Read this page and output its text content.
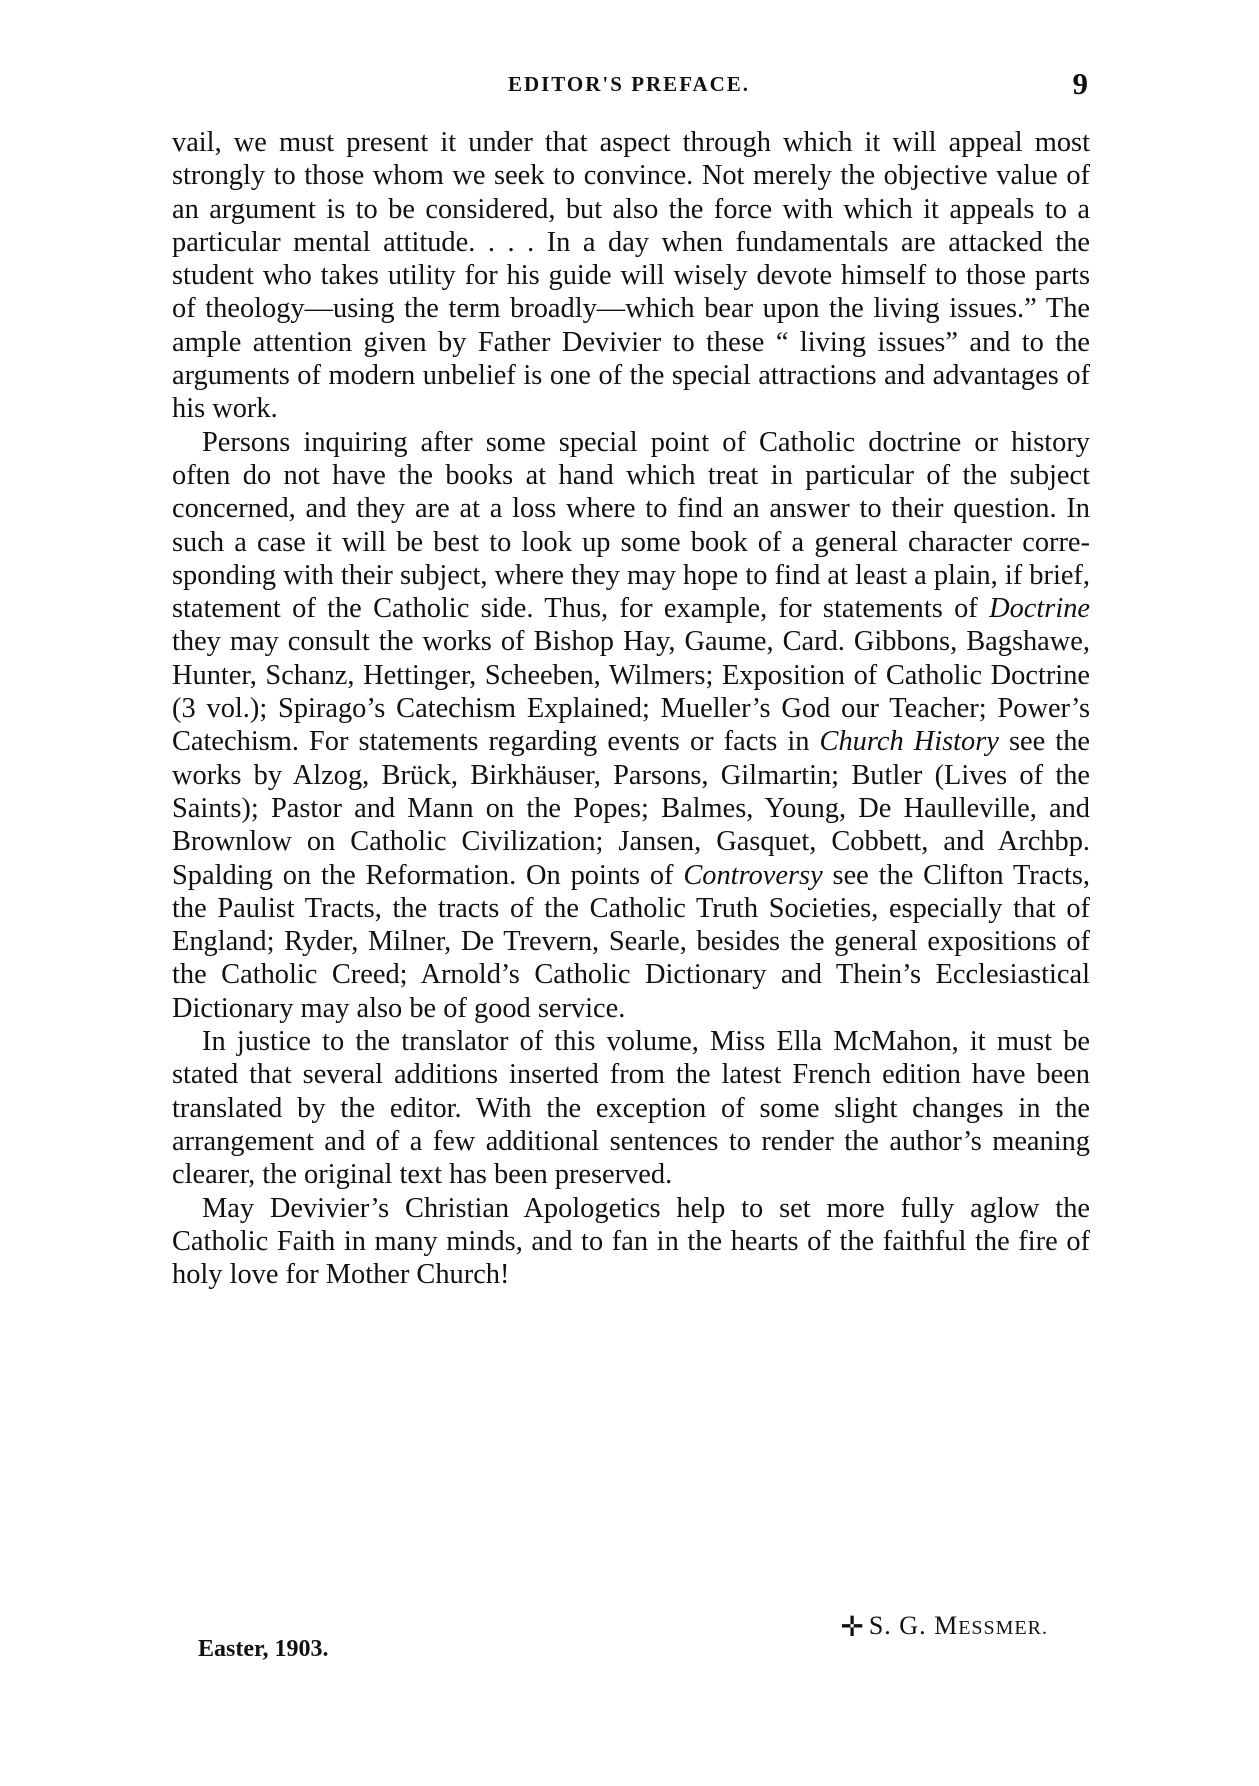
EDITOR'S PREFACE.	9

vail, we must present it under that aspect through which it will appeal most strongly to those whom we seek to convince. Not merely the objective value of an argument is to be considered, but also the force with which it appeals to a particular mental attitude. . . . In a day when fundamentals are attacked the student who takes utility for his guide will wisely devote himself to those parts of theology—using the term broadly—which bear upon the living issues.” The ample attention given by Father Devivier to these “ living issues” and to the arguments of modern unbelief is one of the special attractions and advantages of his work.

Persons inquiring after some special point of Catholic doctrine or history often do not have the books at hand which treat in particular of the subject concerned, and they are at a loss where to find an answer to their question. In such a case it will be best to look up some book of a general character corresponding with their subject, where they may hope to find at least a plain, if brief, statement of the Catholic side. Thus, for example, for statements of Doctrine they may consult the works of Bishop Hay, Gaume, Card. Gibbons, Bagshawe, Hunter, Schanz, Hettinger, Scheeben, Wilmers; Exposition of Catholic Doctrine (3 vol.); Spirago’s Catechism Explained; Mueller’s God our Teacher; Power’s Catechism. For statements regarding events or facts in Church History see the works by Alzog, Brück, Birkhäuser, Parsons, Gilmartin; Butler (Lives of the Saints); Pastor and Mann on the Popes; Balmes, Young, De Haulleville, and Brownlow on Catholic Civilization; Jansen, Gasquet, Cobbett, and Archbp. Spalding on the Reformation. On points of Controversy see the Clifton Tracts, the Paulist Tracts, the tracts of the Catholic Truth Societies, especially that of England; Ryder, Milner, De Trevern, Searle, besides the general expositions of the Catholic Creed; Arnold’s Catholic Dictionary and Thein’s Ecclesiastical Dictionary may also be of good service.

In justice to the translator of this volume, Miss Ella McMahon, it must be stated that several additions inserted from the latest French edition have been translated by the editor. With the exception of some slight changes in the arrangement and of a few additional sentences to render the author’s meaning clearer, the original text has been preserved.

May Devivier’s Christian Apologetics help to set more fully aglow the Catholic Faith in many minds, and to fan in the hearts of the faithful the fire of holy love for Mother Church!

✛ S. G. MESSMER.
Easter, 1903.
